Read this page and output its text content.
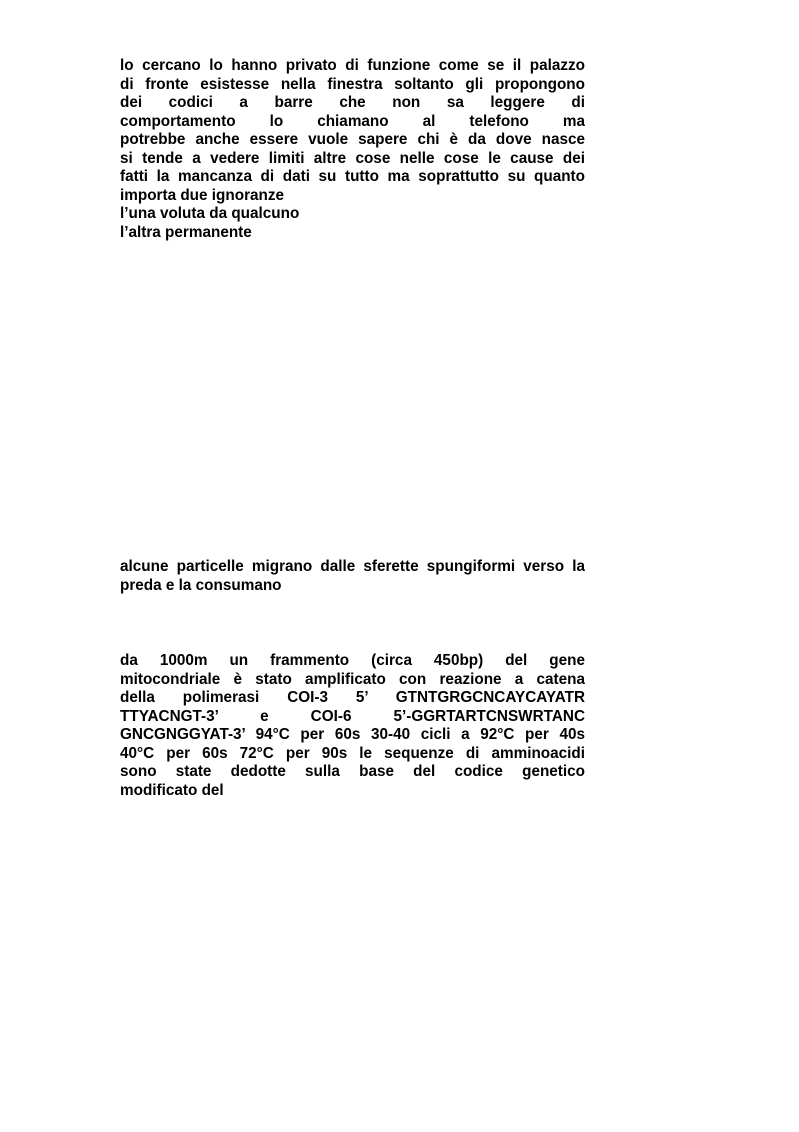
lo cercano lo hanno privato di funzione come se il palazzo
di fronte esistesse nella finestra soltanto gli propongono
dei codici a barre che non sa leggere di
comportamento lo chiamano al telefono ma
potrebbe anche essere vuole sapere chi è da dove nasce
si tende a vedere limiti altre cose nelle cose le cause dei
fatti la mancanza di dati su tutto ma soprattutto su quanto
importa due ignoranze
l’una voluta da qualcuno
l’altra permanente
alcune particelle migrano dalle sferette spungiformi verso la
preda e la consumano
da 1000m un frammento (circa 450bp) del gene
mitocondriale è stato amplificato con reazione a catena
della polimerasi COI-3 5’ GTNTGRGCNCAYCAYATR
TTYACNGT-3’ e COI-6 5’-GGRTARTCNSWRTANC
GNCGNGGYAT-3’ 94°C per 60s 30-40 cicli a 92°C per 40s
40°C per 60s 72°C per 90s le sequenze di amminoacidi
sono state dedotte sulla base del codice genetico
modificato del
